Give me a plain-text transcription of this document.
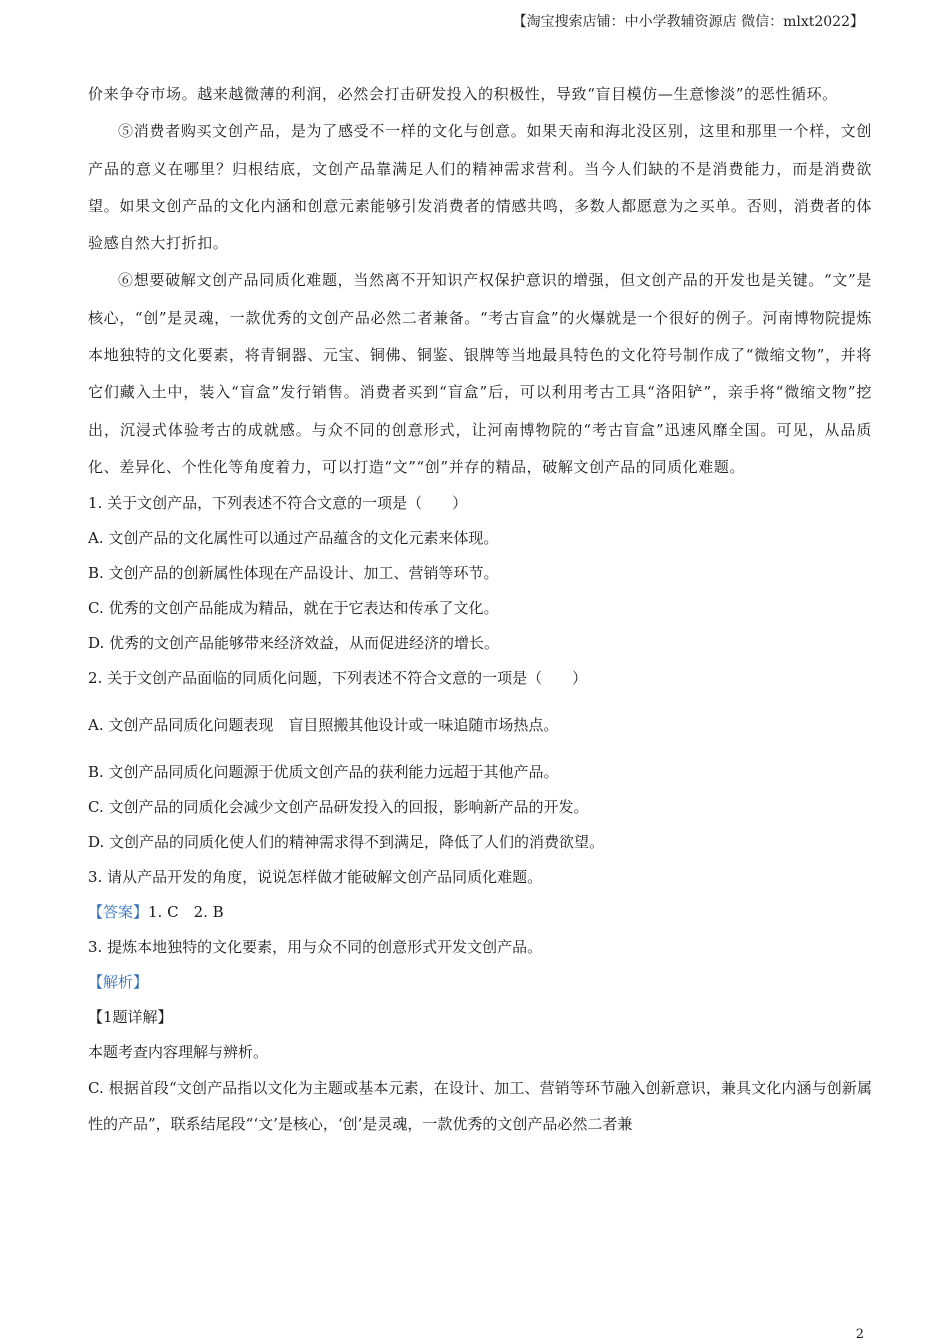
【淘宝搜索店铺：中小学教辅资源店 微信：mlxt2022】

价来争夺市场。越来越微薄的利润，必然会打击研发投入的积极性，导致“盲目模仿—生意惨淡”的恶性循环。

⑤消费者购买文创产品，是为了感受不一样的文化与创意。如果天南和海北没区别，这里和那里一个样，文创产品的意义在哪里？归根结底，文创产品靠满足人们的精神需求营利。当今人们缺的不是消费能力，而是消费欲望。如果文创产品的文化内涵和创意元素能够引发消费者的情感共鸣，多数人都愿意为之买单。否则，消费者的体验感自然大打折扣。

⑥想要破解文创产品同质化难题，当然离不开知识产权保护意识的增强，但文创产品的开发也是关键。“文”是核心，“创”是灵魂，一款优秀的文创产品必然二者兼备。“考古盲盒”的火爆就是一个很好的例子。河南博物院提炼本地独特的文化要素，将青铜器、元宝、铜佛、铜鉴、银牌等当地最具特色的文化符号制作成了“微缩文物”，并将它们藏入土中，装入“盲盒”发行销售。消费者买到“盲盒”后，可以利用考古工具“洛阳铲”，亲手将“微缩文物”挖出，沉浸式体验考古的成就感。与众不同的创意形式，让河南博物院的“考古盲盒”迅速风靡全国。可见，从品质化、差异化、个性化等角度着力，可以打造“文”“创”并存的精品，破解文创产品的同质化难题。

1. 关于文创产品，下列表述不符合文意的一项是（　　）

A. 文创产品的文化属性可以通过产品蕴含的文化元素来体现。

B. 文创产品的创新属性体现在产品设计、加工、营销等环节。

C. 优秀的文创产品能成为精品，就在于它表达和传承了文化。

D. 优秀的文创产品能够带来经济效益，从而促进经济的增长。

2. 关于文创产品面临的同质化问题，下列表述不符合文意的一项是（　　）

A. 文创产品同质化问题表现　盲目照搬其他设计或一味追随市场热点。

B. 文创产品同质化问题源于优质文创产品的获利能力远超于其他产品。

C. 文创产品的同质化会减少文创产品研发投入的回报，影响新产品的开发。

D. 文创产品的同质化使人们的精神需求得不到满足，降低了人们的消费欲望。

3. 请从产品开发的角度，说说怎样做才能破解文创产品同质化难题。

【答案】1. C　2. B

3. 提炼本地独特的文化要素，用与众不同的创意形式开发文创产品。

【解析】

【1题详解】

本题考查内容理解与辨析。

C. 根据首段“文创产品指以文化为主题或基本元素，在设计、加工、营销等环节融入创新意识，兼具文化内涵与创新属性的产品”，联系结尾段“‘文’是核心，‘创’是灵魂，一款优秀的文创产品必然二者兼

2
